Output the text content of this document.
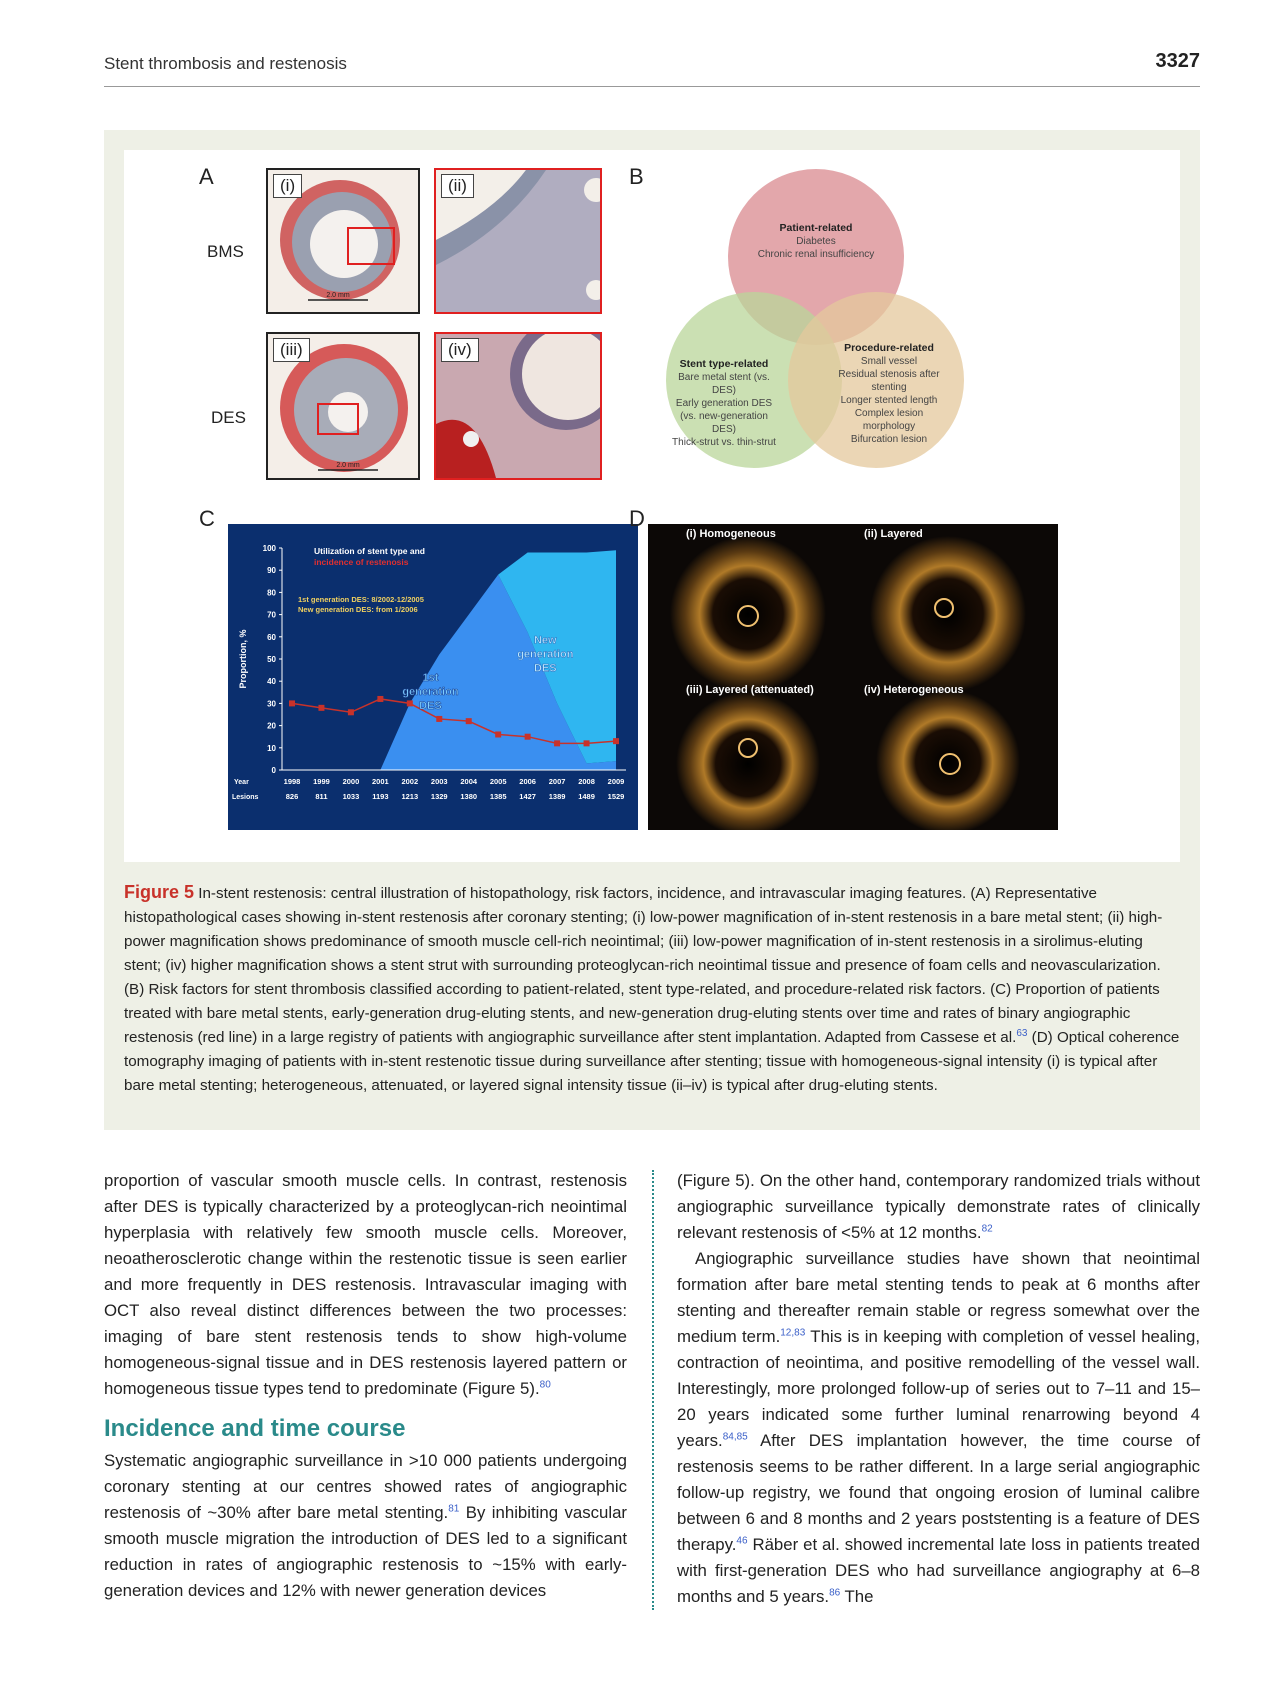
Stent thrombosis and restenosis	3327
A
BMS
DES
2.0 mm
(i)	(ii)
2.0 mm
(iii)	(iv)
B
Patient-related
Diabetes
Chronic renal insufficiency
Stent type-related
Bare metal stent (vs. DES)
Early generation DES (vs. new-generation DES)
Thick-strut vs. thin-strut
Procedure-related
Small vessel
Residual stenosis after stenting
Longer stented length
Complex lesion morphology
Bifurcation lesion
C
0
10
20
30
40
50
60
70
80
90
100
Proportion, %
Year
Lesions
1998 1999 2000 2001 2002 2003 2004 2005 2006 2007 2008 2009
826 811 1033 1193 1213 1329 1380 1385 1427 1389 1489 1529
Utilization of stent type and
incidence of restenosis
1st generation DES: 8/2002-12/2005
New generation DES: from 1/2006
1st
generation
DES
New
generation
DES
D
(i) Homogeneous	(ii) Layered
(iii) Layered (attenuated)	(iv) Heterogeneous
Figure 5 In-stent restenosis: central illustration of histopathology, risk factors, incidence, and intravascular imaging features. (A) Representative histopathological cases showing in-stent restenosis after coronary stenting; (i) low-power magnification of in-stent restenosis in a bare metal stent; (ii) high-power magnification shows predominance of smooth muscle cell-rich neointimal; (iii) low-power magnification of in-stent restenosis in a sirolimus-eluting stent; (iv) higher magnification shows a stent strut with surrounding proteoglycan-rich neointimal tissue and presence of foam cells and neovascularization. (B) Risk factors for stent thrombosis classified according to patient-related, stent type-related, and procedure-related risk factors. (C) Proportion of patients treated with bare metal stents, early-generation drug-eluting stents, and new-generation drug-eluting stents over time and rates of binary angiographic restenosis (red line) in a large registry of patients with angiographic surveillance after stent implantation. Adapted from Cassese et al.$^{63}$ (D) Optical coherence tomography imaging of patients with in-stent restenotic tissue during surveillance after stenting; tissue with homogeneous-signal intensity (i) is typical after bare metal stenting; heterogeneous, attenuated, or layered signal intensity tissue (ii–iv) is typical after drug-eluting stents.

proportion of vascular smooth muscle cells. In contrast, restenosis after DES is typically characterized by a proteoglycan-rich neointimal hyperplasia with relatively few smooth muscle cells. Moreover, neoatherosclerotic change within the restenotic tissue is seen earlier and more frequently in DES restenosis. Intravascular imaging with OCT also reveal distinct differences between the two processes: imaging of bare stent restenosis tends to show high-volume homogeneous-signal tissue and in DES restenosis layered pattern or homogeneous tissue types tend to predominate (Figure 5).$^{80}$

Incidence and time course

Systematic angiographic surveillance in >10 000 patients undergoing coronary stenting at our centres showed rates of angiographic restenosis of ~30% after bare metal stenting.$^{81}$ By inhibiting vascular smooth muscle migration the introduction of DES led to a significant reduction in rates of angiographic restenosis to ~15% with early-generation devices and 12% with newer generation devices

(Figure 5). On the other hand, contemporary randomized trials without angiographic surveillance typically demonstrate rates of clinically relevant restenosis of <5% at 12 months.$^{82}$

Angiographic surveillance studies have shown that neointimal formation after bare metal stenting tends to peak at 6 months after stenting and thereafter remain stable or regress somewhat over the medium term.$^{12,83}$ This is in keeping with completion of vessel healing, contraction of neointima, and positive remodelling of the vessel wall. Interestingly, more prolonged follow-up of series out to 7–11 and 15–20 years indicated some further luminal renarrowing beyond 4 years.$^{84,85}$ After DES implantation however, the time course of restenosis seems to be rather different. In a large serial angiographic follow-up registry, we found that ongoing erosion of luminal calibre between 6 and 8 months and 2 years poststenting is a feature of DES therapy.$^{46}$ Räber et al. showed incremental late loss in patients treated with first-generation DES who had surveillance angiography at 6–8 months and 5 years.$^{86}$ The
